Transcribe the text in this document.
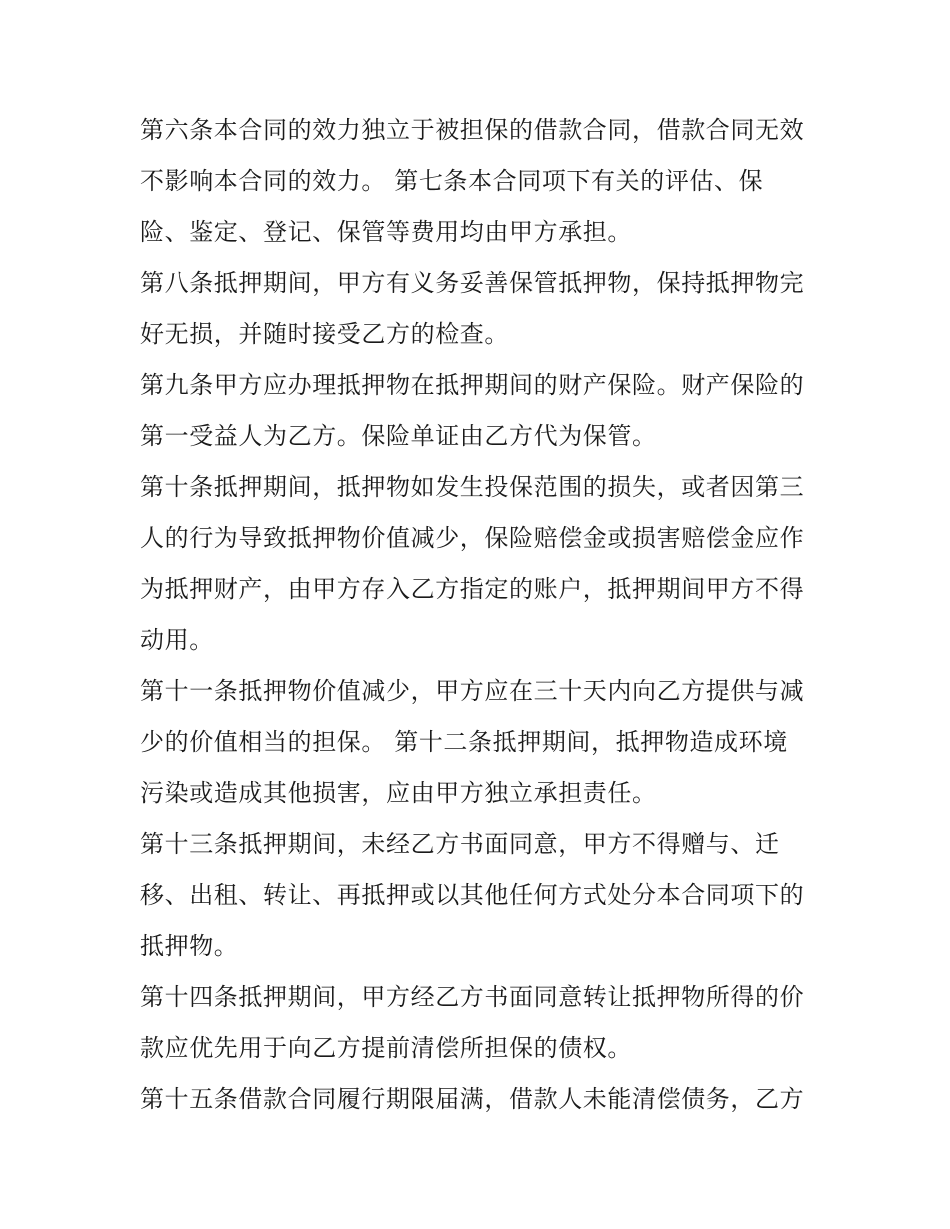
第六条本合同的效力独立于被担保的借款合同，借款合同无效
不影响本合同的效力。 第七条本合同项下有关的评估、保
险、鉴定、登记、保管等费用均由甲方承担。
第八条抵押期间，甲方有义务妥善保管抵押物，保持抵押物完
好无损，并随时接受乙方的检查。
第九条甲方应办理抵押物在抵押期间的财产保险。财产保险的
第一受益人为乙方。保险单证由乙方代为保管。
第十条抵押期间，抵押物如发生投保范围的损失，或者因第三
人的行为导致抵押物价值减少，保险赔偿金或损害赔偿金应作
为抵押财产，由甲方存入乙方指定的账户，抵押期间甲方不得
动用。
第十一条抵押物价值减少，甲方应在三十天内向乙方提供与减
少的价值相当的担保。 第十二条抵押期间，抵押物造成环境
污染或造成其他损害，应由甲方独立承担责任。
第十三条抵押期间，未经乙方书面同意，甲方不得赠与、迁
移、出租、转让、再抵押或以其他任何方式处分本合同项下的
抵押物。
第十四条抵押期间，甲方经乙方书面同意转让抵押物所得的价
款应优先用于向乙方提前清偿所担保的债权。
第十五条借款合同履行期限届满，借款人未能清偿债务，乙方
